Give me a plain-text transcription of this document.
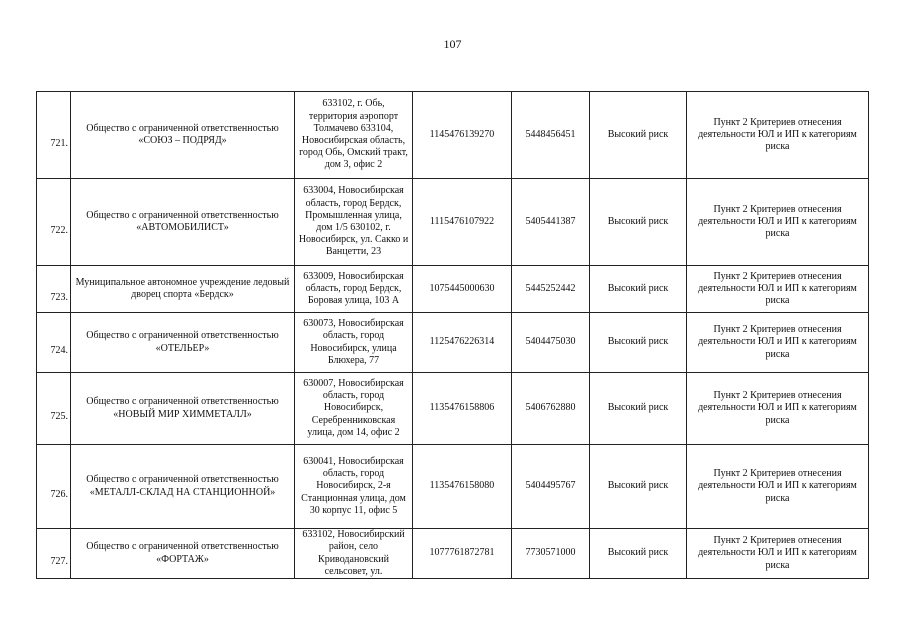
107
721.	Общество с ограниченной ответственностью «СОЮЗ – ПОДРЯД»	633102, г. Обь, территория аэропорт Толмачево 633104, Новосибирская область, город Обь, Омский тракт, дом 3, офис 2	1145476139270	5448456451	Высокий риск	Пункт 2 Критериев отнесения деятельности ЮЛ и ИП к категориям риска
722.	Общество с ограниченной ответственностью «АВТОМОБИЛИСТ»	633004, Новосибирская область, город Бердск, Промышленная улица, дом 1/5 630102, г. Новосибирск, ул. Сакко и Ванцетти, 23	1115476107922	5405441387	Высокий риск	Пункт 2 Критериев отнесения деятельности ЮЛ и ИП к категориям риска
723.	Муниципальное автономное учреждение ледовый дворец спорта «Бердск»	633009, Новосибирская область, город Бердск, Боровая улица, 103 А	1075445000630	5445252442	Высокий риск	Пункт 2 Критериев отнесения деятельности ЮЛ и ИП к категориям риска
724.	Общество с ограниченной ответственностью «ОТЕЛЬЕР»	630073, Новосибирская область, город Новосибирск, улица Блюхера, 77	1125476226314	5404475030	Высокий риск	Пункт 2 Критериев отнесения деятельности ЮЛ и ИП к категориям риска
725.	Общество с ограниченной ответственностью «НОВЫЙ МИР ХИММЕТАЛЛ»	630007, Новосибирская область, город Новосибирск, Серебренниковская улица, дом 14, офис 2	1135476158806	5406762880	Высокий риск	Пункт 2 Критериев отнесения деятельности ЮЛ и ИП к категориям риска
726.	Общество с ограниченной ответственностью «МЕТАЛЛ-СКЛАД НА СТАНЦИОННОЙ»	630041, Новосибирская область, город Новосибирск, 2-я Станционная улица, дом 30 корпус 11, офис 5	1135476158080	5404495767	Высокий риск	Пункт 2 Критериев отнесения деятельности ЮЛ и ИП к категориям риска
727.	Общество с ограниченной ответственностью «ФОРТАЖ»	633102, Новосибирский район, село Криводановский сельсовет, ул.	1077761872781	7730571000	Высокий риск	Пункт 2 Критериев отнесения деятельности ЮЛ и ИП к категориям риска
